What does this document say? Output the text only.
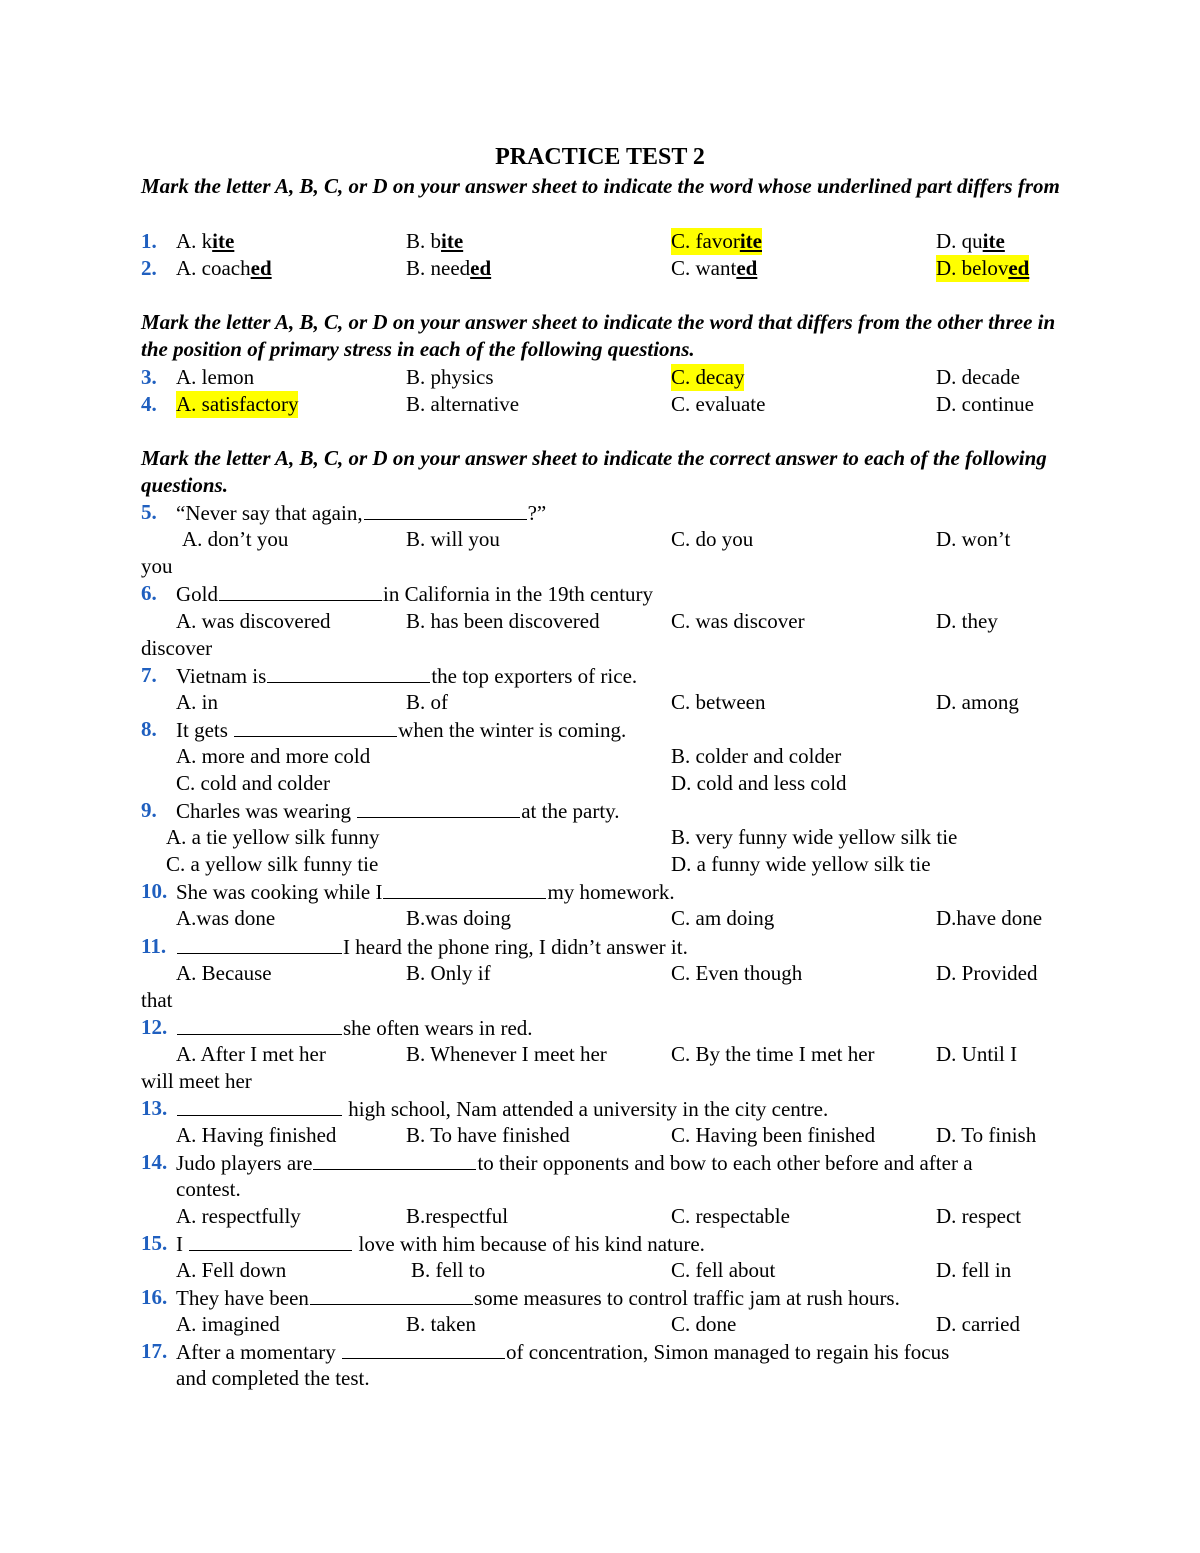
PRACTICE TEST 2
Mark the letter A, B, C, or D on your answer sheet to indicate the word whose underlined part differs from
1. A. kite	B. bite	C. favorite	D. quite
2. A. coached	B. needed	C. wanted	D. beloved
Mark the letter A, B, C, or D on your answer sheet to indicate the word that differs from the other three in the position of primary stress in each of the following questions.
3. A. lemon	B. physics	C. decay	D. decade
4. A. satisfactory	B. alternative	C. evaluate	D. continue
Mark the letter A, B, C, or D on your answer sheet to indicate the correct answer to each of the following questions.
5. “Never say that again,	?”
A. don’t you	B. will you	C. do you	D. won’t
you
6. Gold	in California in the 19th century
A. was discovered	B. has been discovered	C. was discover	D. they
discover
7. Vietnam is	the top exporters of rice.
A. in	B. of	C. between	D. among
8. It gets	when the winter is coming.
A. more and more cold	B. colder and colder
C. cold and colder	D. cold and less cold
9. Charles was wearing	at the party.
A. a tie yellow silk funny	B. very funny wide yellow silk tie
C. a yellow silk funny tie	D. a funny wide yellow silk tie
10. She was cooking while I	my homework.
A.was done	B.was doing	C. am doing	D.have done
11.	I heard the phone ring, I didn’t answer it.
A. Because	B. Only if	C. Even though	D. Provided
that
12.	she often wears in red.
A. After I met her	B. Whenever I meet her	C. By the time I met her	D. Until I
will meet her
13.	high school, Nam attended a university in the city centre.
A. Having finished	B. To have finished	C. Having been finished	D. To finish
14. Judo players are	to their opponents and bow to each other before and after a
contest.
A. respectfully	B.respectful	C. respectable	D. respect
15. I	love with him because of his kind nature.
A. Fell down	B. fell to	C. fell about	D. fell in
16. They have been	some measures to control traffic jam at rush hours.
A. imagined	B. taken	C. done	D. carried
17. After a momentary	of concentration, Simon managed to regain his focus
and completed the test.
